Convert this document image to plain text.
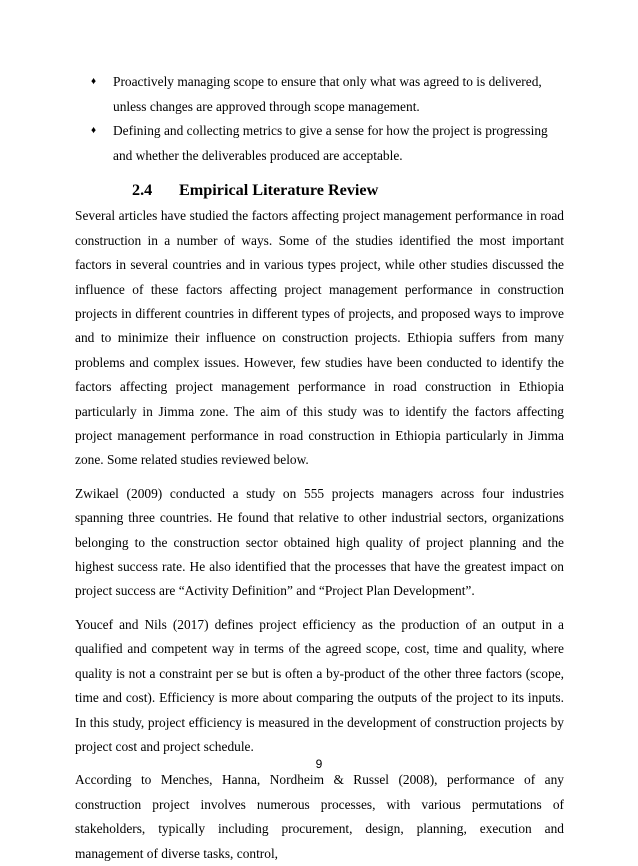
♦ Proactively managing scope to ensure that only what was agreed to is delivered, unless changes are approved through scope management.
♦ Defining and collecting metrics to give a sense for how the project is progressing and whether the deliverables produced are acceptable.
2.4 Empirical Literature Review

Several articles have studied the factors affecting project management performance in road construction in a number of ways. Some of the studies identified the most important factors in several countries and in various types project, while other studies discussed the influence of these factors affecting project management performance in construction projects in different countries in different types of projects, and proposed ways to improve and to minimize their influence on construction projects. Ethiopia suffers from many problems and complex issues. However, few studies have been conducted to identify the factors affecting project management performance in road construction in Ethiopia particularly in Jimma zone. The aim of this study was to identify the factors affecting project management performance in road construction in Ethiopia particularly in Jimma zone. Some related studies reviewed below.

Zwikael (2009) conducted a study on 555 projects managers across four industries spanning three countries. He found that relative to other industrial sectors, organizations belonging to the construction sector obtained high quality of project planning and the highest success rate. He also identified that the processes that have the greatest impact on project success are “Activity Definition” and “Project Plan Development”.

Youcef and Nils (2017) defines project efficiency as the production of an output in a qualified and competent way in terms of the agreed scope, cost, time and quality, where quality is not a constraint per se but is often a by-product of the other three factors (scope, time and cost). Efficiency is more about comparing the outputs of the project to its inputs. In this study, project efficiency is measured in the development of construction projects by project cost and project schedule.

According to Menches, Hanna, Nordheim & Russel (2008), performance of any construction project involves numerous processes, with various permutations of stakeholders, typically including procurement, design, planning, execution and management of diverse tasks, control,

9
